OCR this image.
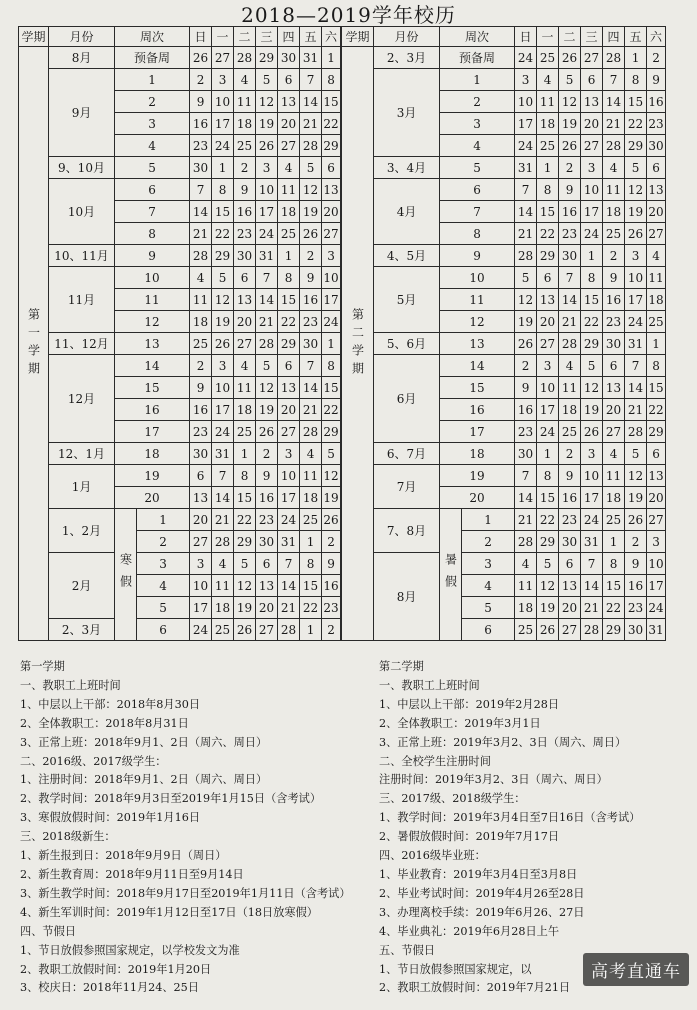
2018—2019学年校历
学期	月份	周次		日	一	二	三	四	五	六
第一学期	8月	预备周		26	27	28	29	30	31	1
	9月	1		2	3	4	5	6	7	8
		2		9	10	11	12	13	14	15
		3		16	17	18	19	20	21	22
		4		23	24	25	26	27	28	29
	9、10月	5		30	1	2	3	4	5	6
	10月	6		7	8	9	10	11	12	13
		7		14	15	16	17	18	19	20
		8		21	22	23	24	25	26	27
	10、11月	9		28	29	30	31	1	2	3
	11月	10		4	5	6	7	8	9	10
		11		11	12	13	14	15	16	17
		12		18	19	20	21	22	23	24
	11、12月	13		25	26	27	28	29	30	1
	12月	14		2	3	4	5	6	7	8
		15		9	10	11	12	13	14	15
		16		16	17	18	19	20	21	22
		17		23	24	25	26	27	28	29
	12、1月	18		30	31	1	2	3	4	5
	1月	19		6	7	8	9	10	11	12
		20		13	14	15	16	17	18	19
	1、2月	寒假	1	20	21	22	23	24	25	26
			2	27	28	29	30	31	1	2
	2月		3	3	4	5	6	7	8	9
			4	10	11	12	13	14	15	16
			5	17	18	19	20	21	22	23
	2、3月		6	24	25	26	27	28	1	2
学期	月份	周次		日	一	二	三	四	五	六
第二学期	2、3月	预备周		24	25	26	27	28	1	2
	3月	1		3	4	5	6	7	8	9
		2		10	11	12	13	14	15	16
		3		17	18	19	20	21	22	23
		4		24	25	26	27	28	29	30
	3、4月	5		31	1	2	3	4	5	6
	4月	6		7	8	9	10	11	12	13
		7		14	15	16	17	18	19	20
		8		21	22	23	24	25	26	27
	4、5月	9		28	29	30	1	2	3	4
	5月	10		5	6	7	8	9	10	11
		11		12	13	14	15	16	17	18
		12		19	20	21	22	23	24	25
	5、6月	13		26	27	28	29	30	31	1
	6月	14		2	3	4	5	6	7	8
		15		9	10	11	12	13	14	15
		16		16	17	18	19	20	21	22
		17		23	24	25	26	27	28	29
	6、7月	18		30	1	2	3	4	5	6
	7月	19		7	8	9	10	11	12	13
		20		14	15	16	17	18	19	20
	7、8月	暑假	1	21	22	23	24	25	26	27
			2	28	29	30	31	1	2	3
	8月		3	4	5	6	7	8	9	10
			4	11	12	13	14	15	16	17
			5	18	19	20	21	22	23	24
			6	25	26	27	28	29	30	31
第一学期
一、教职工上班时间
1、中层以上干部：2018年8月30日
2、全体教职工：2018年8月31日
3、正常上班：2018年9月1、2日（周六、周日）
二、2016级、2017级学生：
1、注册时间：2018年9月1、2日（周六、周日）
2、教学时间：2018年9月3日至2019年1月15日（含考试）
3、寒假放假时间：2019年1月16日
三、2018级新生：
1、新生报到日：2018年9月9日（周日）
2、新生教育周：2018年9月11日至9月14日
3、新生教学时间：2018年9月17日至2019年1月11日（含考试）
4、新生军训时间：2019年1月12日至17日（18日放寒假）
四、节假日
1、节日放假参照国家规定，以学校发文为准
2、教职工放假时间：2019年1月20日
3、校庆日：2018年11月24、25日
第二学期
一、教职工上班时间
1、中层以上干部：2019年2月28日
2、全体教职工：2019年3月1日
3、正常上班：2019年3月2、3日（周六、周日）
二、全校学生注册时间
注册时间：2019年3月2、3日（周六、周日）
三、2017级、2018级学生：
1、教学时间：2019年3月4日至7日16日（含考试）
2、暑假放假时间：2019年7月17日
四、2016级毕业班：
1、毕业教育：2019年3月4日至3月8日
2、毕业考试时间：2019年4月26至28日
3、办理离校手续：2019年6月26、27日
4、毕业典礼：2019年6月28日上午
五、节假日
1、节日放假参照国家规定，以
2、教职工放假时间：2019年7月21日
高考直通车
